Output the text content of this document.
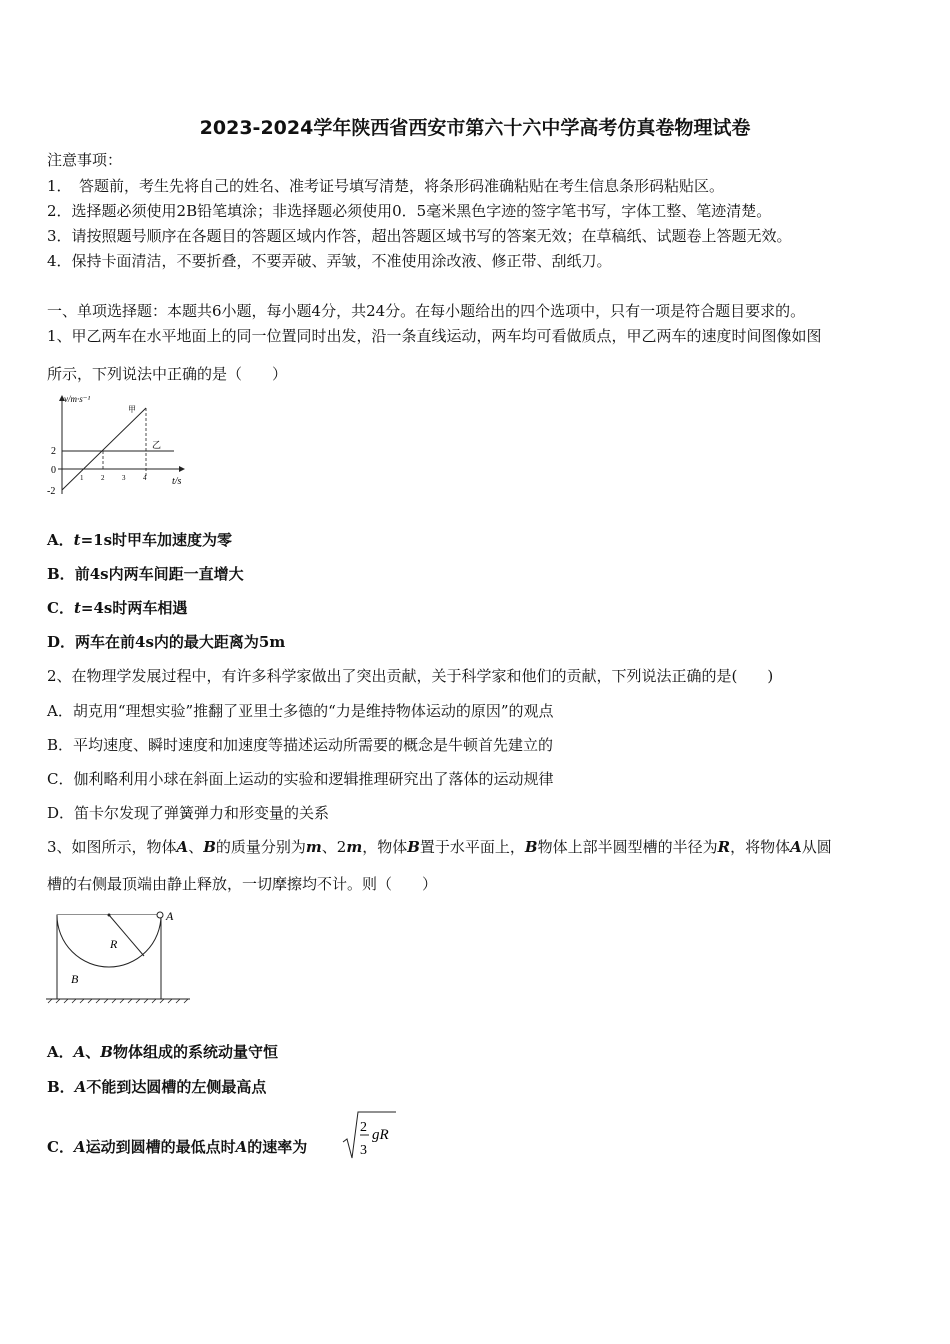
2023-2024学年陕西省西安市第六十六中学高考仿真卷物理试卷
注意事项：
1．　答题前，考生先将自己的姓名、准考证号填写清楚，将条形码准确粘贴在考生信息条形码粘贴区。
2．选择题必须使用2B铅笔填涂；非选择题必须使用0．5毫米黑色字迹的签字笔书写，字体工整、笔迹清楚。
3．请按照题号顺序在各题目的答题区域内作答，超出答题区域书写的答案无效；在草稿纸、试题卷上答题无效。
4．保持卡面清洁，不要折叠，不要弄破、弄皱，不准使用涂改液、修正带、刮纸刀。
一、单项选择题：本题共6小题，每小题4分，共24分。在每小题给出的四个选项中，只有一项是符合题目要求的。
1、甲乙两车在水平地面上的同一位置同时出发，沿一条直线运动，两车均可看做质点，甲乙两车的速度时间图像如图
所示，下列说法中正确的是（　　）
v/m·s⁻¹
t/s
甲
乙
2
0
-2
1	2	3	4
A．t=1s时甲车加速度为零
B．前4s内两车间距一直增大
C．t=4s时两车相遇
D．两车在前4s内的最大距离为5m
2、在物理学发展过程中，有许多科学家做出了突出贡献，关于科学家和他们的贡献，下列说法正确的是(　　)
A．胡克用“理想实验”推翻了亚里士多德的“力是维持物体运动的原因”的观点
B．平均速度、瞬时速度和加速度等描述运动所需要的概念是牛顿首先建立的
C．伽利略利用小球在斜面上运动的实验和逻辑推理研究出了落体的运动规律
D．笛卡尔发现了弹簧弹力和形变量的关系
3、如图所示，物体A、B的质量分别为m、2m，物体B置于水平面上，B物体上部半圆型槽的半径为R，将物体A从圆
槽的右侧最顶端由静止释放，一切摩擦均不计。则（　　）
A
R
B
A．A、B物体组成的系统动量守恒
B．A不能到达圆槽的左侧最高点
C．A运动到圆槽的最低点时A的速率为
2
3
gR
